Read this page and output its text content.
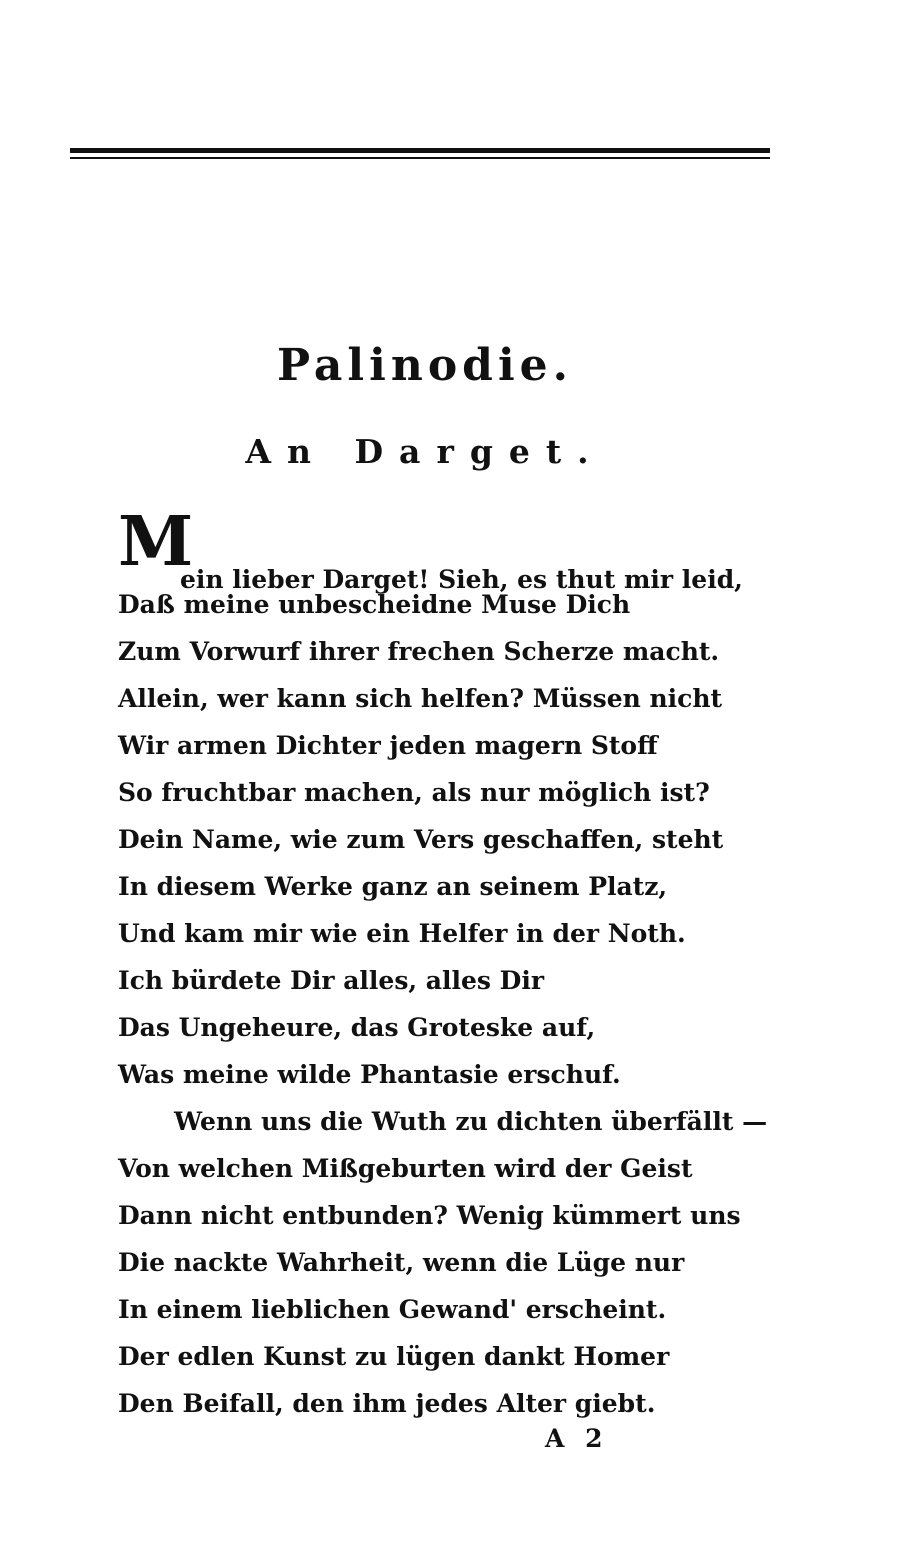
Palinodie.
An Darget.
M
ein lieber Darget! Sieh, es thut mir leid,
Daß meine unbescheidne Muse Dich
Zum Vorwurf ihrer frechen Scherze macht.
Allein, wer kann sich helfen? Müssen nicht
Wir armen Dichter jeden magern Stoff
So fruchtbar machen, als nur möglich ist?
Dein Name, wie zum Vers geschaffen, steht
In diesem Werke ganz an seinem Platz,
Und kam mir wie ein Helfer in der Noth.
Ich bürdete Dir alles, alles Dir
Das Ungeheure, das Groteske auf,
Was meine wilde Phantasie erschuf.
Wenn uns die Wuth zu dichten überfällt —
Von welchen Mißgeburten wird der Geist
Dann nicht entbunden? Wenig kümmert uns
Die nackte Wahrheit, wenn die Lüge nur
In einem lieblichen Gewand' erscheint.
Der edlen Kunst zu lügen dankt Homer
Den Beifall, den ihm jedes Alter giebt.
A 2
